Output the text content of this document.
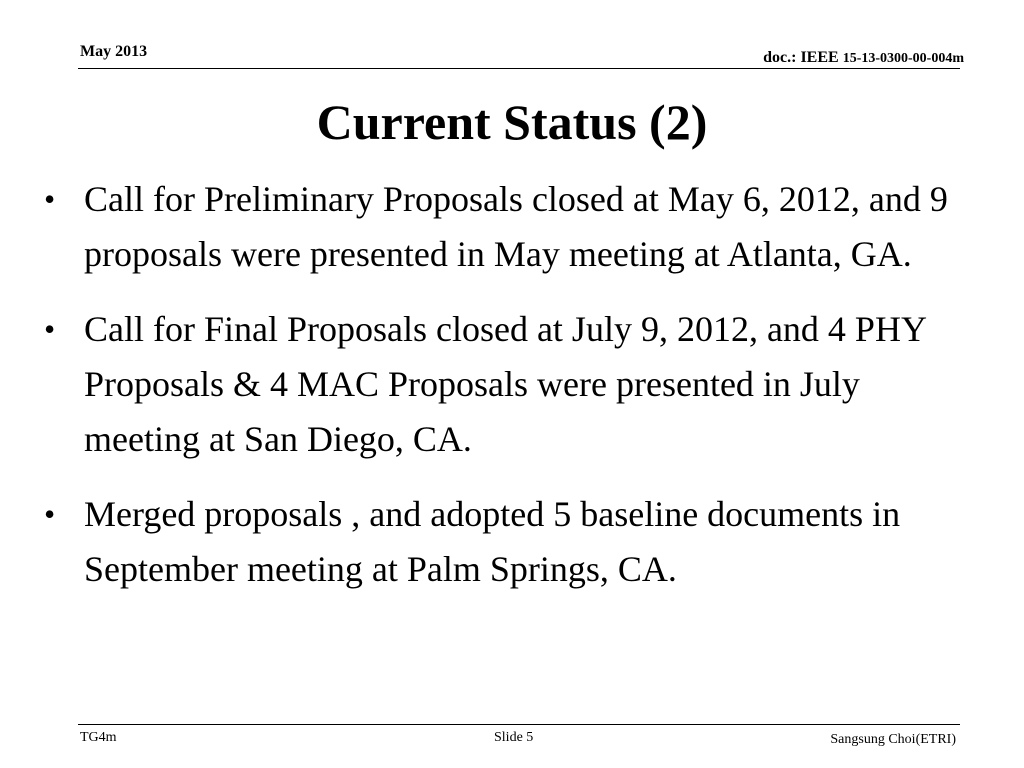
May 2013	doc.: IEEE 15-13-0300-00-004m
Current Status (2)
• Call for Preliminary Proposals closed at May 6, 2012, and 9 proposals were presented in May meeting at Atlanta, GA.
• Call for Final Proposals closed at July 9, 2012, and 4 PHY Proposals & 4 MAC Proposals were presented in July meeting at San Diego, CA.
• Merged proposals , and adopted 5 baseline documents in September meeting at Palm Springs, CA.
TG4m	Slide 5	Sangsung Choi(ETRI)
